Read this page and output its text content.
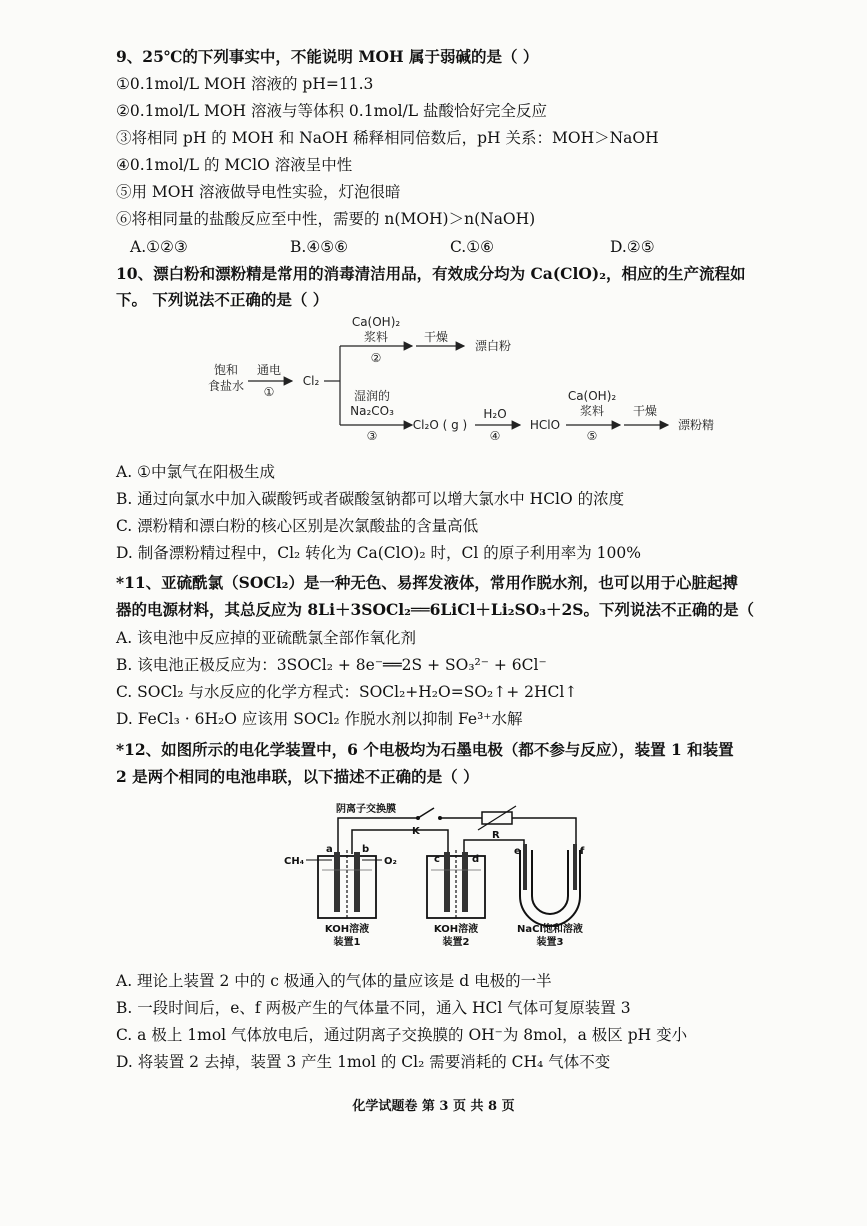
9、25℃的下列事实中，不能说明 MOH 属于弱碱的是（ ）
①0.1mol/L MOH 溶液的 pH=11.3
②0.1mol/L MOH 溶液与等体积 0.1mol/L 盐酸恰好完全反应
③将相同 pH 的 MOH 和 NaOH 稀释相同倍数后，pH 关系：MOH＞NaOH
④0.1mol/L 的 MClO 溶液呈中性
⑤用 MOH 溶液做导电性实验，灯泡很暗
⑥将相同量的盐酸反应至中性，需要的 n(MOH)＞n(NaOH)
A.①②③	B.④⑤⑥	C.①⑥	D.②⑤
10、漂白粉和漂粉精是常用的消毒清洁用品，有效成分均为 Ca(ClO)₂，相应的生产流程如
下。 下列说法不正确的是（ ）
饱和
食盐水
通电
①
Cl₂
Ca(OH)₂
浆料
②
干燥
漂白粉
湿润的
Na₂CO₃
③
Cl₂O ( g )
H₂O
④
HClO
Ca(OH)₂
浆料
⑤
干燥
漂粉精
A. ①中氯气在阳极生成
B. 通过向氯水中加入碳酸钙或者碳酸氢钠都可以增大氯水中 HClO 的浓度
C. 漂粉精和漂白粉的核心区别是次氯酸盐的含量高低
D. 制备漂粉精过程中，Cl₂ 转化为 Ca(ClO)₂ 时，Cl 的原子利用率为 100%
*11、亚硫酰氯（SOCl₂）是一种无色、易挥发液体，常用作脱水剂，也可以用于心脏起搏
器的电源材料，其总反应为 8Li＋3SOCl₂══6LiCl＋Li₂SO₃＋2S。下列说法不正确的是（
A. 该电池中反应掉的亚硫酰氯全部作氧化剂
B. 该电池正极反应为：3SOCl₂ + 8e⁻══2S + SO₃²⁻ + 6Cl⁻
C. SOCl₂ 与水反应的化学方程式：SOCl₂+H₂O=SO₂↑+ 2HCl↑
D. FeCl₃ · 6H₂O 应该用 SOCl₂ 作脱水剂以抑制 Fe³⁺水解
*12、如图所示的电化学装置中，6 个电极均为石墨电极（都不参与反应），装置 1 和装置
2 是两个相同的电池串联，以下描述不正确的是（ ）
阴离子交换膜
K	R
CH₄
a	b
O₂
KOH溶液
装置1
c	d
KOH溶液
装置2
e	f
NaCl饱和溶液
装置3
A. 理论上装置 2 中的 c 极通入的气体的量应该是 d 电极的一半
B. 一段时间后，e、f 两极产生的气体量不同，通入 HCl 气体可复原装置 3
C. a 极上 1mol 气体放电后，通过阴离子交换膜的 OH⁻为 8mol，a 极区 pH 变小
D. 将装置 2 去掉，装置 3 产生 1mol 的 Cl₂ 需要消耗的 CH₄ 气体不变
化学试题卷 第 3 页 共 8 页
